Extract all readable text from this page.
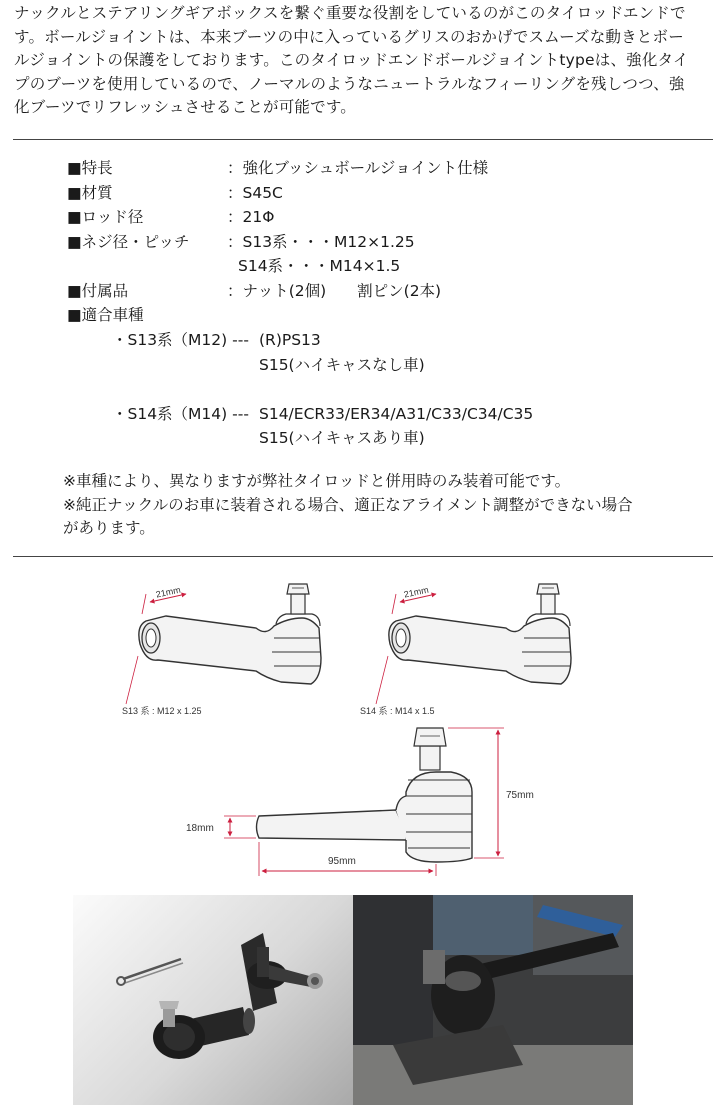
ナックルとステアリングギアボックスを繋ぐ重要な役割をしているのがこのタイロッドエンドで

す。ボールジョイントは、本来ブーツの中に入っているグリスのおかげでスムーズな動きとボー

ルジョイントの保護をしております。このタイロッドエンドボールジョイントtypeは、強化タイ

プのブーツを使用しているので、ノーマルのようなニュートラルなフィーリングを残しつつ、強

化ブーツでリフレッシュさせることが可能です。

■特長	：強化ブッシュボールジョイント仕様
■材質	：S45C
■ロッド径	：21Φ
■ネジ径・ピッチ ：S13系・・・M12×1.25
S14系・・・M14×1.5
■付属品	：ナット(2個)　　割ピン(2本)
■適合車種
・S13系（M12) --- (R)PS13
S15(ハイキャスなし車)
・S14系（M14) --- S14/ECR33/ER34/A31/C33/C34/C35
S15(ハイキャスあり車)

※車種により、異なりますが弊社タイロッドと併用時のみ装着可能です。

※純正ナックルのお車に装着される場合、適正なアライメント調整ができない場合

があります。

21mm
S13 系 : M12 x 1.25
21mm
S14 系 : M14 x 1.5
75mm
18mm
95mm
